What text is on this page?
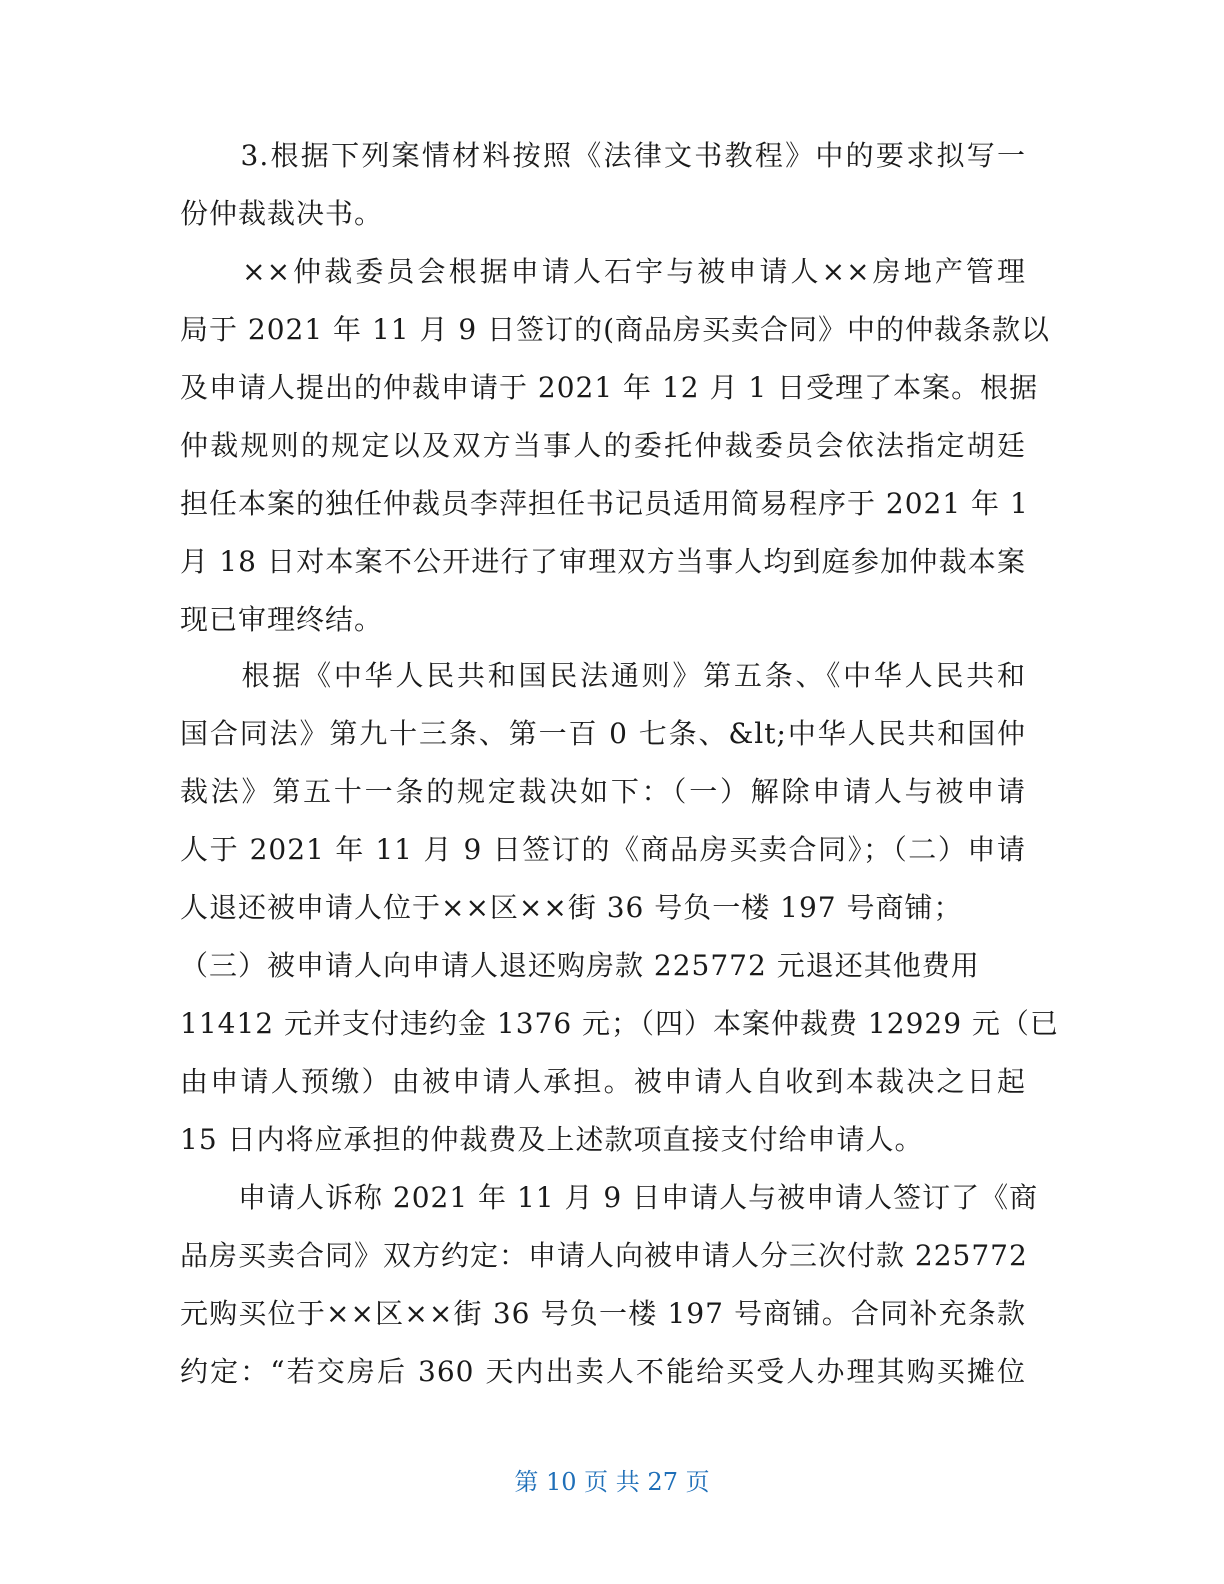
　　3.根据下列案情材料按照《法律文书教程》中的要求拟写一
份仲裁裁决书。
　　××仲裁委员会根据申请人石宇与被申请人××房地产管理
局于 2021 年 11 月 9 日签订的(商品房买卖合同》中的仲裁条款以
及申请人提出的仲裁申请于 2021 年 12 月 1 日受理了本案。根据
仲裁规则的规定以及双方当事人的委托仲裁委员会依法指定胡廷
担任本案的独任仲裁员李萍担任书记员适用简易程序于 2021 年 1
月 18 日对本案不公开进行了审理双方当事人均到庭参加仲裁本案
现已审理终结。
　　根据《中华人民共和国民法通则》第五条、《中华人民共和
国合同法》第九十三条、第一百 0 七条、&lt;中华人民共和国仲
裁法》第五十一条的规定裁决如下：（一）解除申请人与被申请
人于 2021 年 11 月 9 日签订的《商品房买卖合同》；（二）申请
人退还被申请人位于××区××街 36 号负一楼 197 号商铺；
（三）被申请人向申请人退还购房款 225772 元退还其他费用
11412 元并支付违约金 1376 元；（四）本案仲裁费 12929 元（已
由申请人预缴）由被申请人承担。被申请人自收到本裁决之日起
15 日内将应承担的仲裁费及上述款项直接支付给申请人。
　　申请人诉称 2021 年 11 月 9 日申请人与被申请人签订了《商
品房买卖合同》双方约定：申请人向被申请人分三次付款 225772
元购买位于××区××街 36 号负一楼 197 号商铺。合同补充条款
约定：“若交房后 360 天内出卖人不能给买受人办理其购买摊位
第 10 页 共 27 页
